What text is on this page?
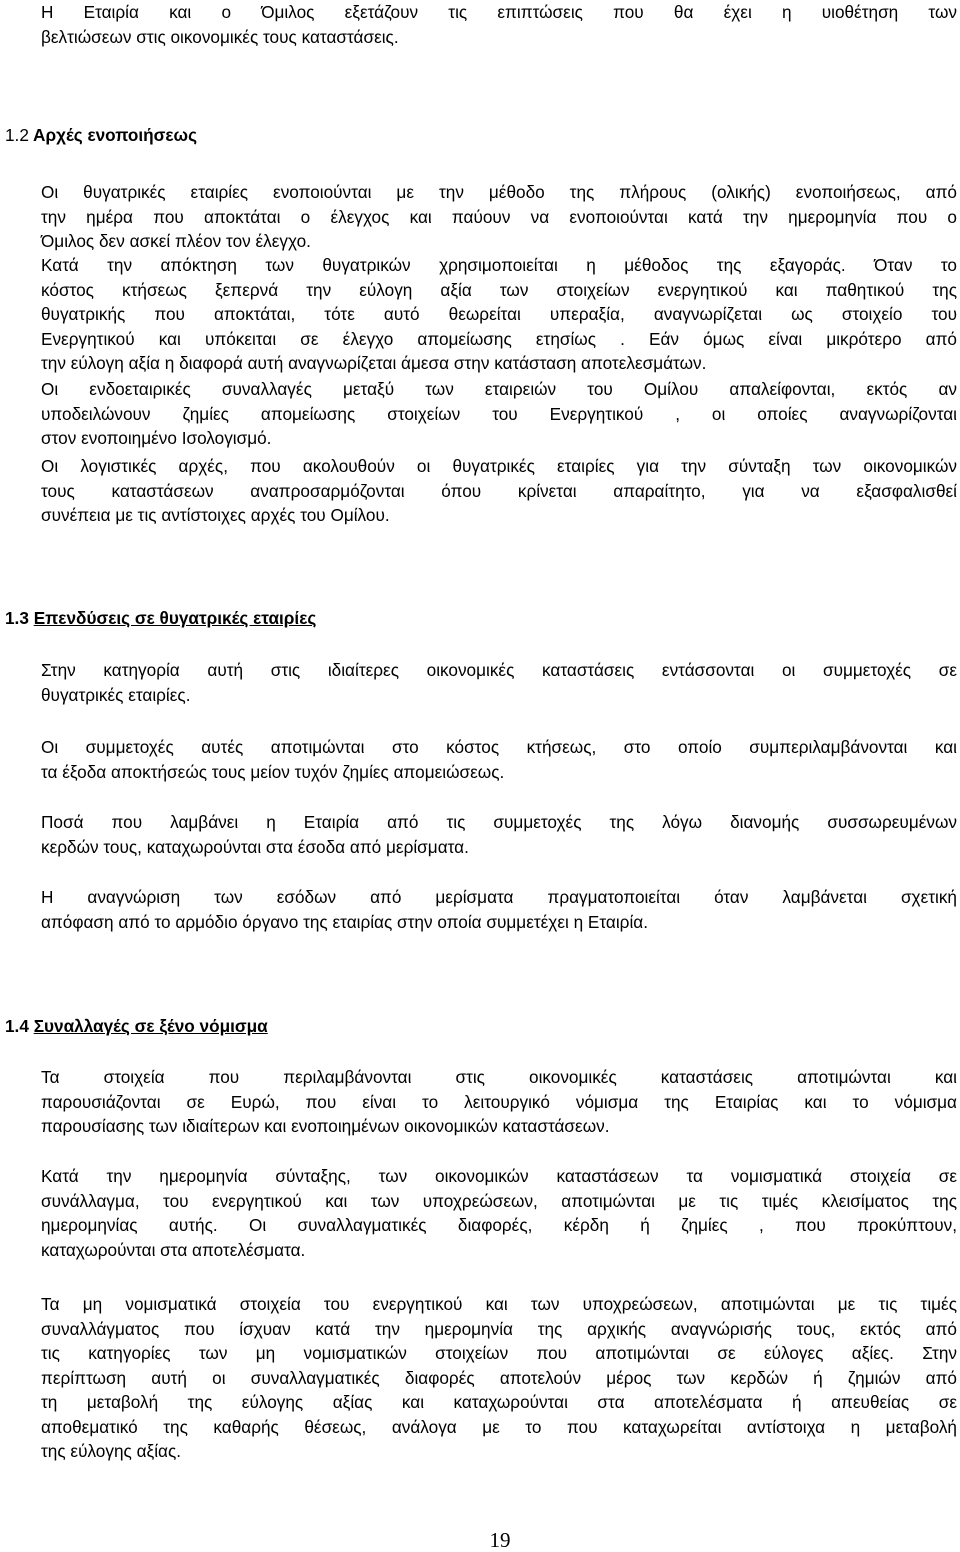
Η Εταιρία και ο Όμιλος εξετάζουν τις επιπτώσεις που θα έχει η υιοθέτηση των
βελτιώσεων στις οικονομικές τους καταστάσεις.

1.2 Αρχές ενοποιήσεως

Οι θυγατρικές εταιρίες ενοποιούνται με την μέθοδο της πλήρους (ολικής) ενοποιήσεως, από
την ημέρα που αποκτάται ο έλεγχος και παύουν να ενοποιούνται κατά την ημερομηνία που ο
Όμιλος δεν ασκεί πλέον τον έλεγχο.

Κατά την απόκτηση των θυγατρικών χρησιμοποιείται η μέθοδος της εξαγοράς. Όταν το
κόστος κτήσεως ξεπερνά την εύλογη αξία των στοιχείων ενεργητικού και παθητικού της
θυγατρικής που αποκτάται, τότε αυτό θεωρείται υπεραξία, αναγνωρίζεται ως στοιχείο του
Ενεργητικού και υπόκειται σε έλεγχο απομείωσης ετησίως . Εάν όμως είναι μικρότερο από
την εύλογη αξία η διαφορά αυτή αναγνωρίζεται άμεσα στην κατάσταση αποτελεσμάτων.

Οι ενδοεταιρικές συναλλαγές μεταξύ των εταιρειών του Ομίλου απαλείφονται, εκτός αν
υποδειλώνουν ζημίες απομείωσης στοιχείων του Ενεργητικού , οι οποίες αναγνωρίζονται
στον ενοποιημένο Ισολογισμό.

Οι λογιστικές αρχές, που ακολουθούν οι θυγατρικές εταιρίες για την σύνταξη των οικονομικών
τους καταστάσεων αναπροσαρμόζονται όπου κρίνεται απαραίτητο, για να εξασφαλισθεί
συνέπεια με τις αντίστοιχες αρχές του Ομίλου.

1.3 Επενδύσεις σε θυγατρικές εταιρίες

Στην κατηγορία αυτή στις ιδιαίτερες οικονομικές καταστάσεις εντάσσονται οι συμμετοχές σε
θυγατρικές εταιρίες.

Οι συμμετοχές αυτές αποτιμώνται στο κόστος κτήσεως, στο οποίο συμπεριλαμβάνονται και
τα έξοδα αποκτήσεώς τους μείον τυχόν ζημίες απομειώσεως.

Ποσά που λαμβάνει η Εταιρία από τις συμμετοχές της λόγω διανομής συσσωρευμένων
κερδών τους, καταχωρούνται στα έσοδα από μερίσματα.

Η αναγνώριση των εσόδων από μερίσματα πραγματοποιείται όταν λαμβάνεται σχετική
απόφαση από το αρμόδιο όργανο της εταιρίας στην οποία συμμετέχει η Εταιρία.

1.4 Συναλλαγές σε ξένο νόμισμα

Τα στοιχεία που περιλαμβάνονται στις οικονομικές καταστάσεις αποτιμώνται και
παρουσιάζονται σε Ευρώ, που είναι το λειτουργικό νόμισμα της Εταιρίας και το νόμισμα
παρουσίασης των ιδιαίτερων και ενοποιημένων οικονομικών καταστάσεων.

Κατά την ημερομηνία σύνταξης, των οικονομικών καταστάσεων τα νομισματικά στοιχεία σε
συνάλλαγμα, του ενεργητικού και των υποχρεώσεων, αποτιμώνται με τις τιμές κλεισίματος της
ημερομηνίας αυτής. Οι συναλλαγματικές διαφορές, κέρδη ή ζημίες , που προκύπτουν,
καταχωρούνται στα αποτελέσματα.

Τα μη νομισματικά στοιχεία του ενεργητικού και των υποχρεώσεων, αποτιμώνται με τις τιμές
συναλλάγματος που ίσχυαν κατά την ημερομηνία της αρχικής αναγνώρισής τους, εκτός από
τις κατηγορίες των μη νομισματικών στοιχείων που αποτιμώνται σε εύλογες αξίες. Στην
περίπτωση αυτή οι συναλλαγματικές διαφορές αποτελούν μέρος των κερδών ή ζημιών από
τη μεταβολή της εύλογης αξίας και καταχωρούνται στα αποτελέσματα ή απευθείας σε
αποθεματικό της καθαρής θέσεως, ανάλογα με το που καταχωρείται αντίστοιχα η μεταβολή
της εύλογης αξίας.

19
